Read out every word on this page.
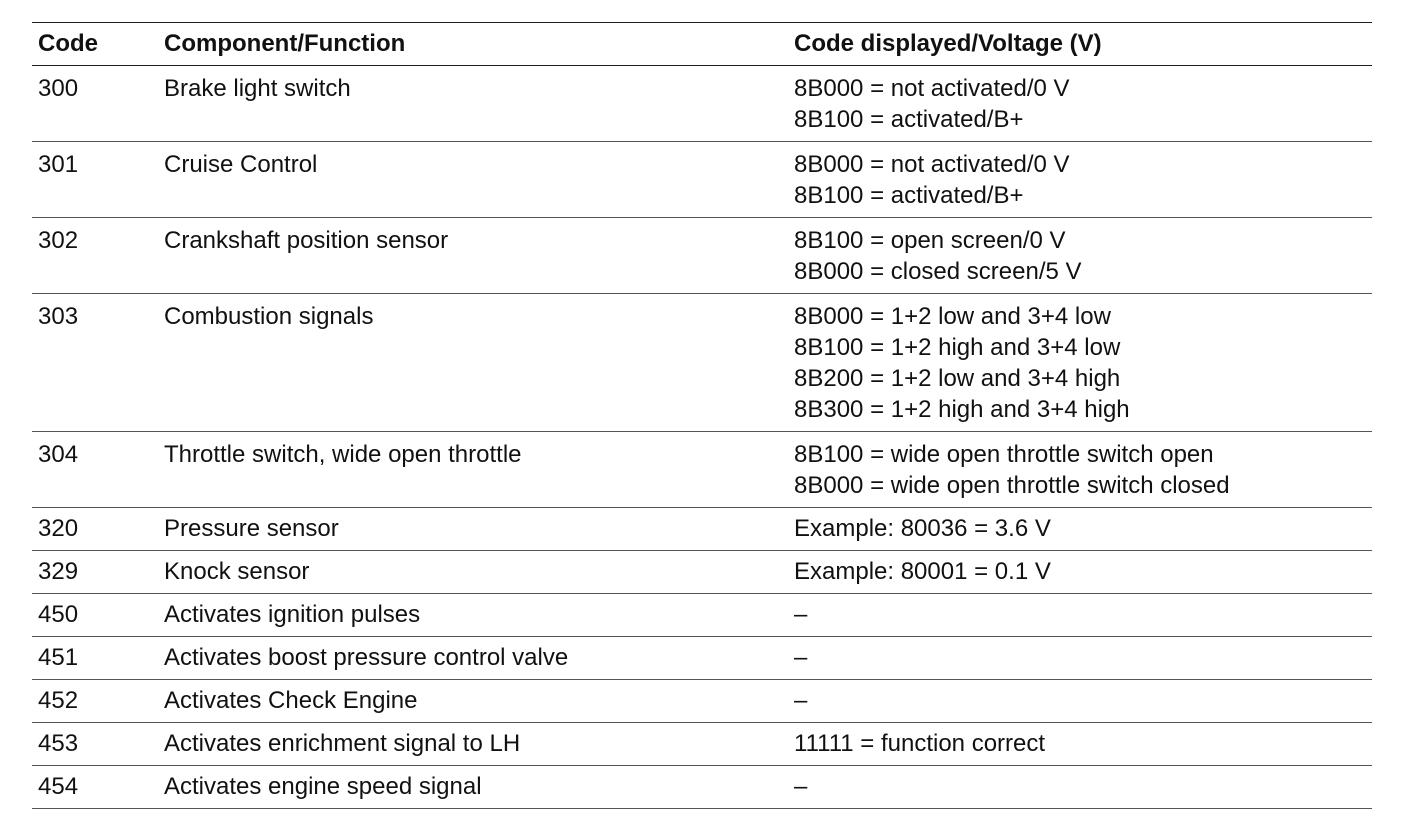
Code	Component/Function	Code displayed/Voltage (V)
300	Brake light switch	8B000 = not activated/0 V
8B100 = activated/B+

301	Cruise Control	8B000 = not activated/0 V
8B100 = activated/B+

302	Crankshaft position sensor	8B100 = open screen/0 V
8B000 = closed screen/5 V

303	Combustion signals	8B000 = 1+2 low and 3+4 low
8B100 = 1+2 high and 3+4 low
8B200 = 1+2 low and 3+4 high
8B300 = 1+2 high and 3+4 high

304	Throttle switch, wide open throttle	8B100 = wide open throttle switch open
8B000 = wide open throttle switch closed

320	Pressure sensor	Example: 80036 = 3.6 V

329	Knock sensor	Example: 80001 = 0.1 V

450	Activates ignition pulses	–

451	Activates boost pressure control valve	–

452	Activates Check Engine	–

453	Activates enrichment signal to LH	11111 = function correct

454	Activates engine speed signal	–
